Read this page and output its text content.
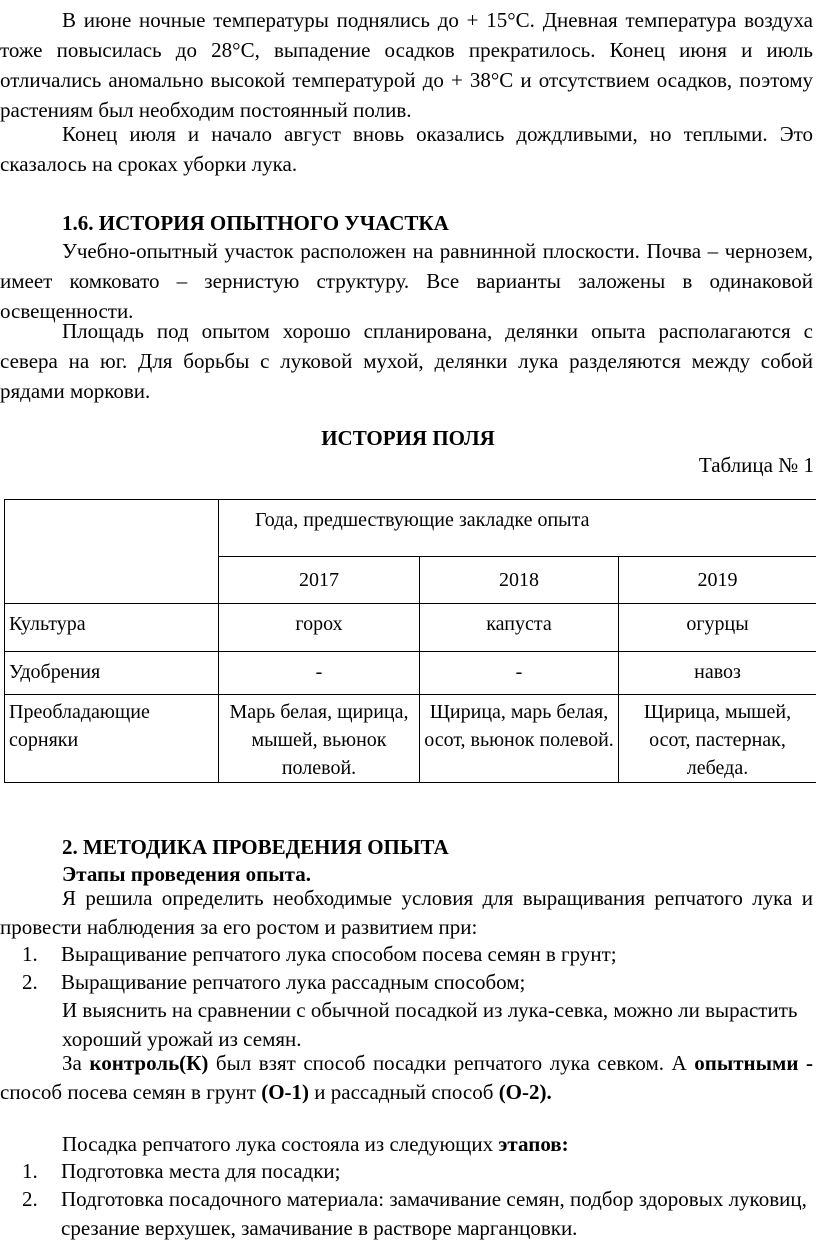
В июне ночные температуры поднялись до + 15°С. Дневная температура воздуха тоже повысилась до 28°С, выпадение осадков прекратилось. Конец июня и июль отличались аномально высокой температурой до + 38°С и отсутствием осадков, поэтому растениям был необходим постоянный полив.

Конец июля и начало август вновь оказались дождливыми, но теплыми. Это сказалось на сроках уборки лука.

1.6. ИСТОРИЯ ОПЫТНОГО УЧАСТКА

Учебно-опытный участок расположен на равнинной плоскости. Почва – чернозем, имеет комковато – зернистую структуру. Все варианты заложены в одинаковой освещенности.

Площадь под опытом хорошо спланирована, делянки опыта располагаются с севера на юг. Для борьбы с луковой мухой, делянки лука разделяются между собой рядами моркови.

ИСТОРИЯ ПОЛЯ
Таблица № 1
	Года, предшествующие закладке опыта		
	2017	2018	2019
Культура	горох	капуста	огурцы
Удобрения	-	-	навоз
Преобладающие сорняки	Марь белая, щирица, мышей, вьюнок полевой.	Щирица, марь белая, осот, вьюнок полевой.	Щирица, мышей, осот, пастернак, лебеда.
2. МЕТОДИКА ПРОВЕДЕНИЯ ОПЫТА
Этапы проведения опыта.

Я решила определить необходимые условия для выращивания репчатого лука и провести наблюдения за его ростом и развитием при:

1. Выращивание репчатого лука способом посева семян в грунт;
2. Выращивание репчатого лука рассадным способом;

И выяснить на сравнении с обычной посадкой из лука-севка, можно ли вырастить хороший урожай из семян.

За контроль(К) был взят способ посадки репчатого лука севком. А опытными - способ посева семян в грунт (О-1) и рассадный способ (О-2).

Посадка репчатого лука состояла из следующих этапов:

1. Подготовка места для посадки;
2. Подготовка посадочного материала: замачивание семян, подбор здоровых луковиц, срезание верхушек, замачивание в растворе марганцовки.
